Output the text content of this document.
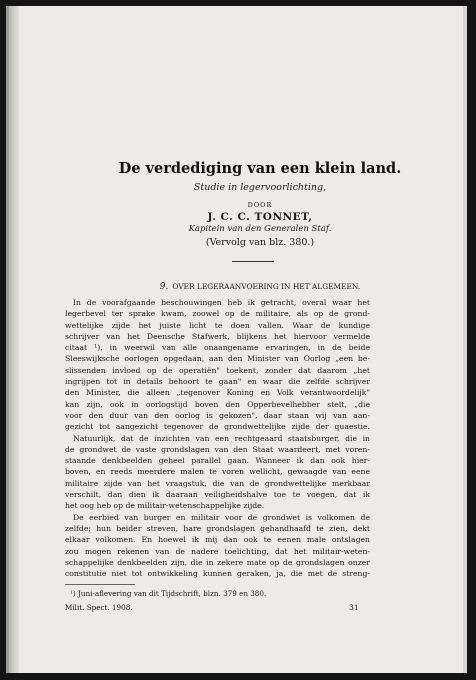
De verdediging van een klein land.
Studie in legervoorlichting,
DOOR
J. C. C. TONNET,
Kapitein van den Generalen Staf.
(Vervolg van blz. 380.)
9. OVER LEGERAANVOERING IN HET ALGEMEEN.
In de voorafgaande beschouwingen heb ik getracht, overal waar het
legerbevel ter sprake kwam, zoowel op de militaire, als op de grond-
wettelijke zijde het juiste licht te doen vallen. Waar de kundige
schrijver van het Deensche Stafwerk, blijkens het hiervoor vermelde
citaat ¹), in weerwil van alle onaangename ervaringen, in de beide
Sleeswijksche oorlogen opgedaan, aan den Minister van Oorlog „een be-
slissenden invloed op de operatiën" toekent, zonder dat daarom „het
ingrijpen tot in details behoort te gaan" en waar die zelfde schrijver
den Minister, die alleen „tegenover Koning en Volk verantwoordelijk"
kan zijn, ook in oorlogstijd boven den Opperbevelhebber stelt, „die
voor den duur van den oorlog is gekozen", daar staan wij van aan-
gezicht tot aangezicht tegenover de grondwettelijke zijde der quaestie.
Natuurlijk, dat de inzichten van een rechtgeaard staatsburger, die in
de grondwet de vaste grondslagen van den Staat waardeert, met voren-
staande denkbeelden geheel parallel gaan. Wanneer ik dan ook hier-
boven, en reeds meerdere malen te voren wellicht, gewaagde van eene
militaire zijde van het vraagstuk, die van de grondwettelijke merkbaar
verschilt, dan dien ik daaraan veiligheidshalve toe te voegen, dat ik
het oog heb op de militair-wetenschappelijke zijde.
De eerbied van burger en militair voor de grondwet is volkomen de
zelfde; hun beider streven, hare grondslagen gehandhaafd te zien, dekt
elkaar volkomen. En hoewel ik mij dan ook te eenen male ontslagen
zou mogen rekenen van de nadere toelichting, dat het militair-weten-
schappelijke denkbeelden zijn, die in zekere mate op de grondslagen onzer
constitutie niet tot ontwikkeling kunnen geraken, ja, die met de streng-
¹) Juni-aflevering van dit Tijdschrift, blzn. 379 en 380.
Milit. Spect. 1908.	31
